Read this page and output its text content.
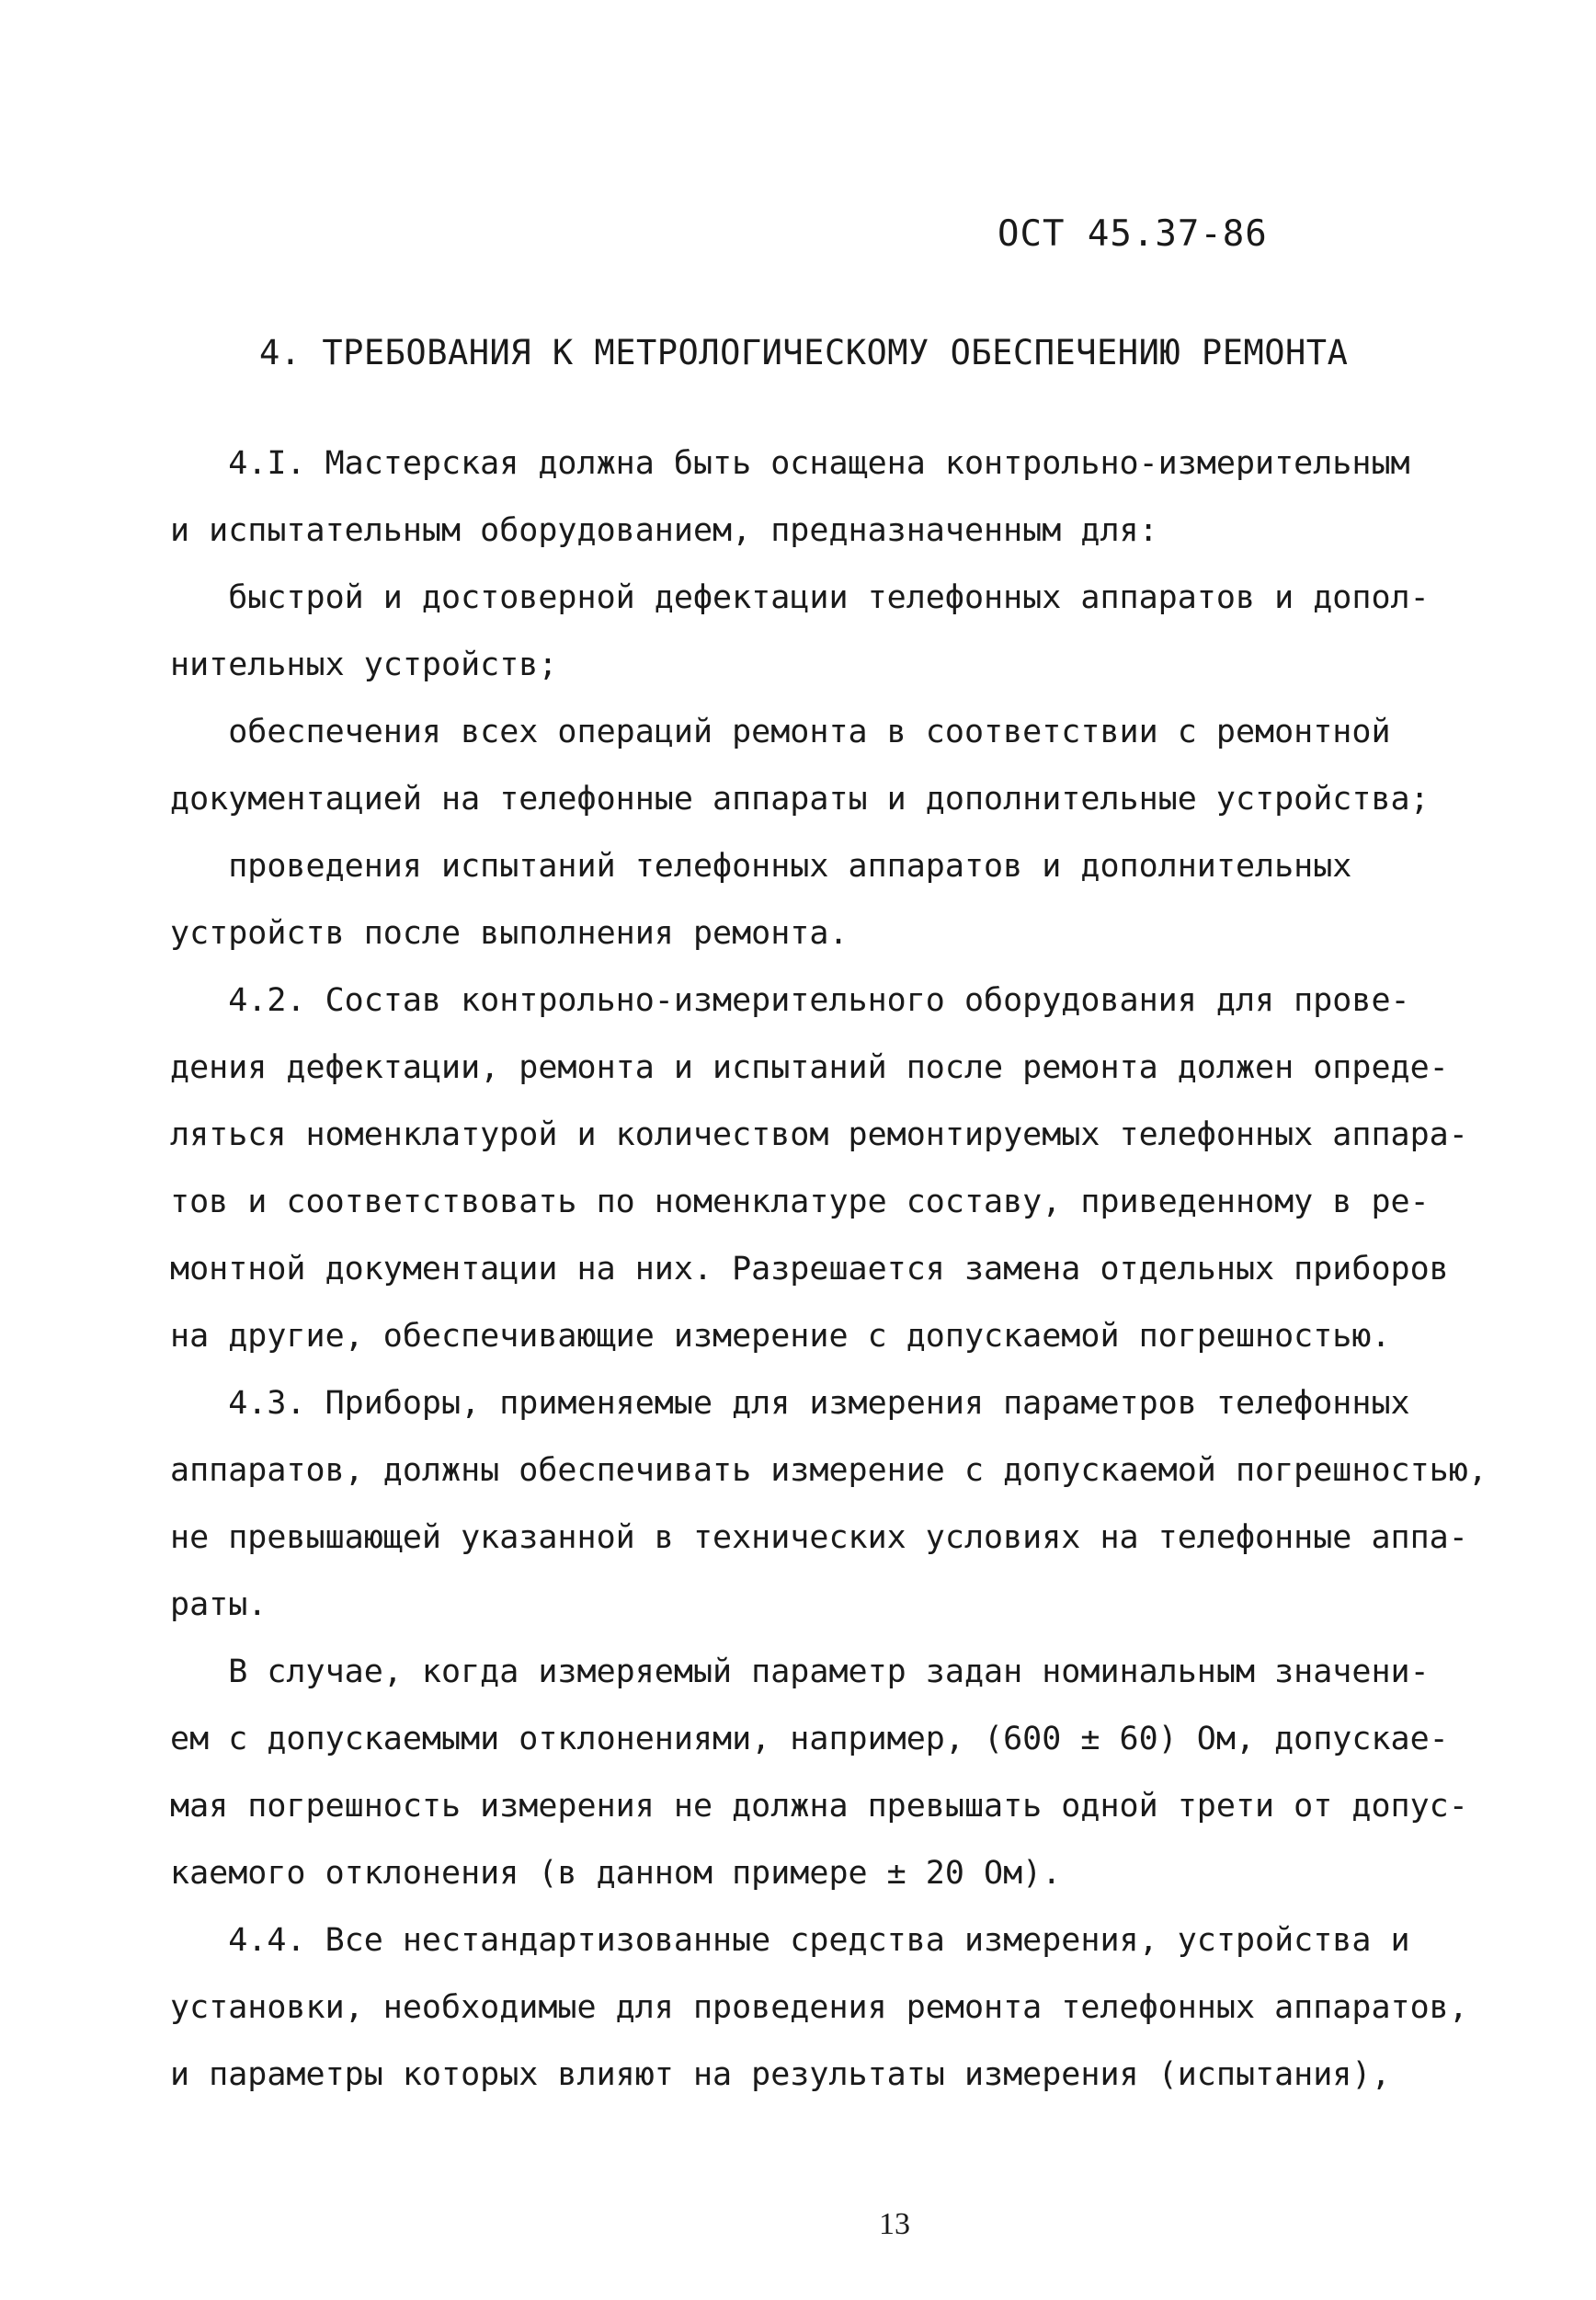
ОСТ 45.37-86
4. ТРЕБОВАНИЯ К МЕТРОЛОГИЧЕСКОМУ ОБЕСПЕЧЕНИЮ РЕМОНТА
4.I. Мастерская должна быть оснащена контрольно-измерительным
и испытательным оборудованием, предназначенным для:
быстрой и достоверной дефектации телефонных аппаратов и допол-
нительных устройств;
обеспечения всех операций ремонта в соответствии с ремонтной
документацией на телефонные аппараты и дополнительные устройства;
проведения испытаний телефонных аппаратов и дополнительных
устройств после выполнения ремонта.
4.2. Состав контрольно-измерительного оборудования для прове-
дения дефектации, ремонта и испытаний после ремонта должен опреде-
ляться номенклатурой и количеством ремонтируемых телефонных аппара-
тов и соответствовать по номенклатуре составу, приведенному в ре-
монтной документации на них. Разрешается замена отдельных приборов
на другие, обеспечивающие измерение с допускаемой погрешностью.
4.3. Приборы, применяемые для измерения параметров телефонных
аппаратов, должны обеспечивать измерение с допускаемой погрешностью,
не превышающей указанной в технических условиях на телефонные аппа-
раты.
В случае, когда измеряемый параметр задан номинальным значени-
ем с допускаемыми отклонениями, например, (600 ± 60) Ом, допускае-
мая погрешность измерения не должна превышать одной трети от допус-
каемого отклонения (в данном примере ± 20 Ом).
4.4. Все нестандартизованные средства измерения, устройства и
установки, необходимые для проведения ремонта телефонных аппаратов,
и параметры которых влияют на результаты измерения (испытания),
13
